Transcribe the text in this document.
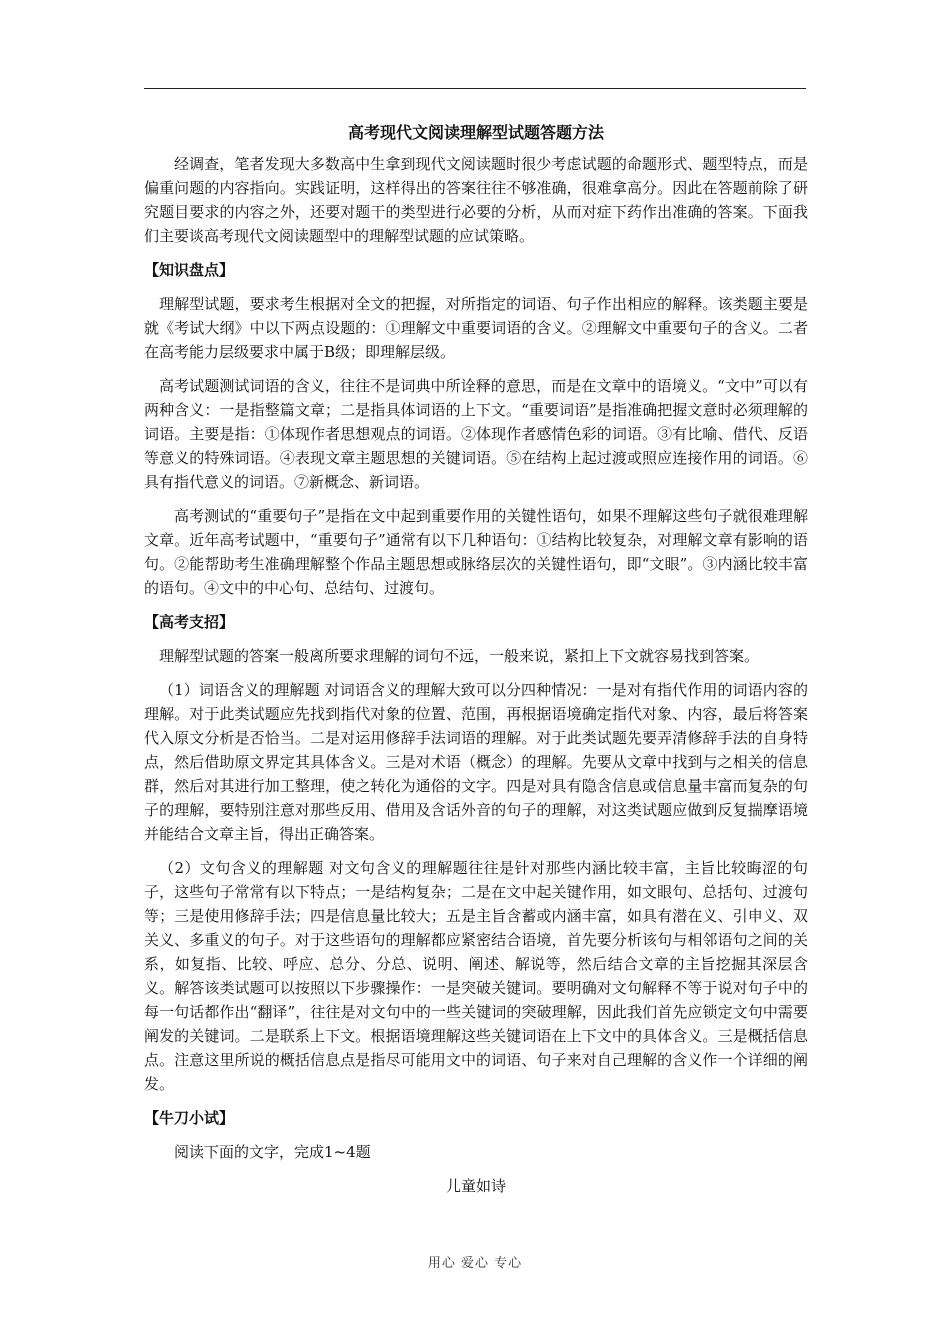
高考现代文阅读理解型试题答题方法
经调查，笔者发现大多数高中生拿到现代文阅读题时很少考虑试题的命题形式、题型特点，而是偏重问题的内容指向。实践证明，这样得出的答案往往不够准确，很难拿高分。因此在答题前除了研究题目要求的内容之外，还要对题干的类型进行必要的分析，从而对症下药作出准确的答案。下面我们主要谈高考现代文阅读题型中的理解型试题的应试策略。
【知识盘点】
理解型试题，要求考生根据对全文的把握，对所指定的词语、句子作出相应的解释。该类题主要是就《考试大纲》中以下两点设题的：①理解文中重要词语的含义。②理解文中重要句子的含义。二者在高考能力层级要求中属于B级；即理解层级。
高考试题测试词语的含义，往往不是词典中所诠释的意思，而是在文章中的语境义。“文中”可以有两种含义：一是指整篇文章；二是指具体词语的上下文。“重要词语”是指准确把握文意时必须理解的词语。主要是指：①体现作者思想观点的词语。②体现作者感情色彩的词语。③有比喻、借代、反语等意义的特殊词语。④表现文章主题思想的关键词语。⑤在结构上起过渡或照应连接作用的词语。⑥具有指代意义的词语。⑦新概念、新词语。
高考测试的“重要句子”是指在文中起到重要作用的关键性语句，如果不理解这些句子就很难理解文章。近年高考试题中，“重要句子”通常有以下几种语句：①结构比较复杂，对理解文章有影响的语句。②能帮助考生准确理解整个作品主题思想或脉络层次的关键性语句，即“文眼”。③内涵比较丰富的语句。④文中的中心句、总结句、过渡句。
【高考支招】
理解型试题的答案一般离所要求理解的词句不远，一般来说，紧扣上下文就容易找到答案。
（1）词语含义的理解题 对词语含义的理解大致可以分四种情况：一是对有指代作用的词语内容的理解。对于此类试题应先找到指代对象的位置、范围，再根据语境确定指代对象、内容，最后将答案代入原文分析是否恰当。二是对运用修辞手法词语的理解。对于此类试题先要弄清修辞手法的自身特点，然后借助原文界定其具体含义。三是对术语（概念）的理解。先要从文章中找到与之相关的信息群，然后对其进行加工整理，使之转化为通俗的文字。四是对具有隐含信息或信息量丰富而复杂的句子的理解，要特别注意对那些反用、借用及含话外音的句子的理解，对这类试题应做到反复揣摩语境并能结合文章主旨，得出正确答案。
（2）文句含义的理解题 对文句含义的理解题往往是针对那些内涵比较丰富，主旨比较晦涩的句子，这些句子常常有以下特点；一是结构复杂；二是在文中起关键作用，如文眼句、总括句、过渡句等；三是使用修辞手法；四是信息量比较大；五是主旨含蓄或内涵丰富，如具有潜在义、引申义、双关义、多重义的句子。对于这些语句的理解都应紧密结合语境，首先要分析该句与相邻语句之间的关系，如复指、比较、呼应、总分、分总、说明、阐述、解说等，然后结合文章的主旨挖掘其深层含义。解答该类试题可以按照以下步骤操作：一是突破关键词。要明确对文句解释不等于说对句子中的每一句话都作出“翻译”，往往是对文句中的一些关键词的突破理解，因此我们首先应锁定文句中需要阐发的关键词。二是联系上下文。根据语境理解这些关键词语在上下文中的具体含义。三是概括信息点。注意这里所说的概括信息点是指尽可能用文中的词语、句子来对自己理解的含义作一个详细的阐发。
【牛刀小试】
阅读下面的文字，完成1~4题
儿童如诗
用心 爱心 专心
